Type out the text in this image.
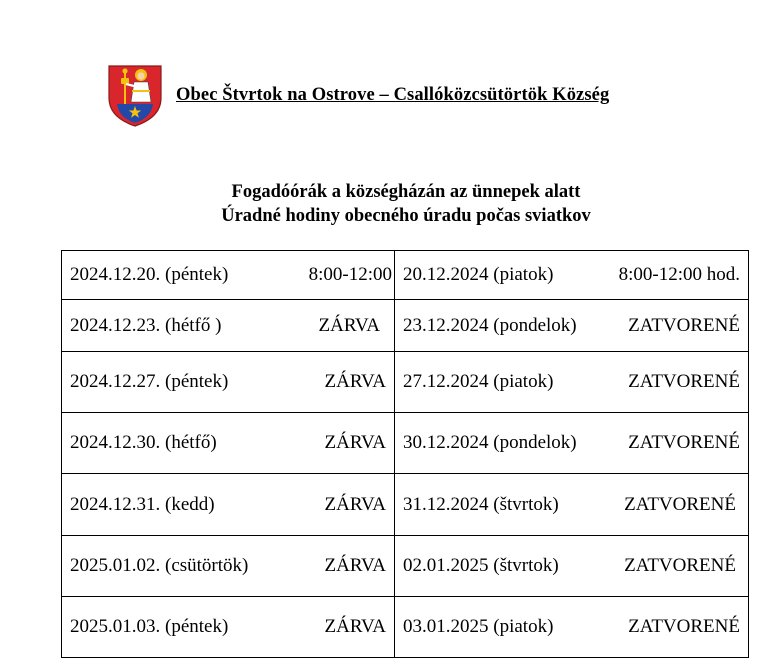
Obec Štvrtok na Ostrove – Csallóközcsütörtök Község
Fogadóórák a községházán az ünnepek alatt
Úradné hodiny obecného úradu počas sviatkov
2024.12.20. (péntek) 8:00-12:00	20.12.2024 (piatok) 8:00-12:00 hod.

2024.12.23. (hétfő ) ZÁRVA	23.12.2024 (pondelok) ZATVORENÉ

2024.12.27. (péntek) ZÁRVA	27.12.2024 (piatok) ZATVORENÉ

2024.12.30. (hétfő) ZÁRVA	30.12.2024 (pondelok) ZATVORENÉ

2024.12.31. (kedd) ZÁRVA	31.12.2024 (štvrtok) ZATVORENÉ

2025.01.02. (csütörtök) ZÁRVA	02.01.2025 (štvrtok) ZATVORENÉ

2025.01.03. (péntek) ZÁRVA	03.01.2025 (piatok) ZATVORENÉ
